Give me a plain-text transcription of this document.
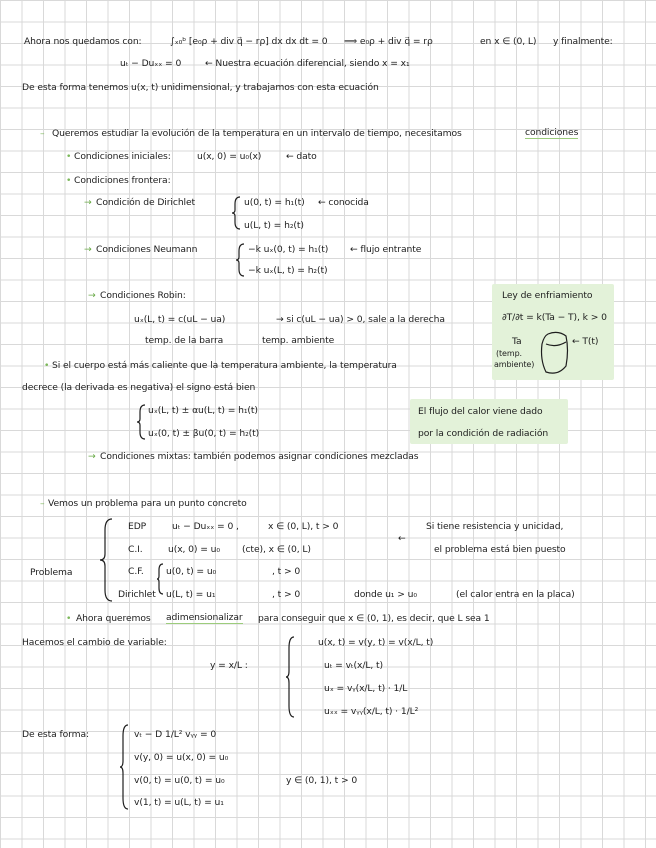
Ahora nos quedamos con:	∫ₓ₀ᵇ [e₀ρ + div q⃗ − rρ] dx dx dt = 0 ⟹ e₀ρ + div q⃗ = rρ	en x ∈ (0, L) y finalmente:
uₜ − Duₓₓ = 0	← Nuestra ecuación diferencial, siendo x = x₁
De esta forma tenemos u(x, t) unidimensional, y trabajamos con esta ecuación
– Queremos estudiar la evolución de la temperatura en un intervalo de tiempo, necesitamos	condiciones
• Condiciones iniciales:	u(x, 0) = u₀(x)	← dato
• Condiciones frontera:
→ Condición de Dirichlet	u(0, t) = h₁(t) ← conocida
u(L, t) = h₂(t)
→ Condiciones Neumann	−k uₓ(0, t) = h₁(t) ← flujo entrante
−k uₓ(L, t) = h₂(t)
→ Condiciones Robin:
uₓ(L, t) = c(uL − ua)	→ si c(uL − ua) > 0, sale a la derecha
temp. de la barra	temp. ambiente
Ley de enfriamiento
∂T/∂t = k(Ta − T), k > 0
Ta
(temp.
ambiente)
← T(t)
• Si el cuerpo está más caliente que la temperatura ambiente, la temperatura
decrece (la derivada es negativa) el signo está bien
uₓ(L, t) ± αu(L, t) = h₁(t)
uₓ(0, t) ± βu(0, t) = h₂(t)
El flujo del calor viene dado
por la condición de radiación
→ Condiciones mixtas: también podemos asignar condiciones mezcladas
– Vemos un problema para un punto concreto
Problema
EDP	uₜ − Duₓₓ = 0 ,	x ∈ (0, L), t > 0
C.I.	u(x, 0) = u₀ (cte), x ∈ (0, L)
C.F. u(0, t) = u₀	, t > 0
Dirichlet u(L, t) = u₁	, t > 0
←
Si tiene resistencia y unicidad,
el problema está bien puesto
donde u₁ > u₀	(el calor entra en la placa)
• Ahora queremos adimensionalizar para conseguir que x ∈ (0, 1), es decir, que L sea 1
Hacemos el cambio de variable:
y = x/L :
u(x, t) = v(y, t) = v(x/L, t)
uₜ = vₜ(x/L, t)
uₓ = vᵧ(x/L, t) · 1/L
uₓₓ = vᵧᵧ(x/L, t) · 1/L²
De esta forma:	vₜ − D 1/L² vᵧᵧ = 0
v(y, 0) = u(x, 0) = u₀
v(0, t) = u(0, t) = u₀
v(1, t) = u(L, t) = u₁
y ∈ (0, 1), t > 0
